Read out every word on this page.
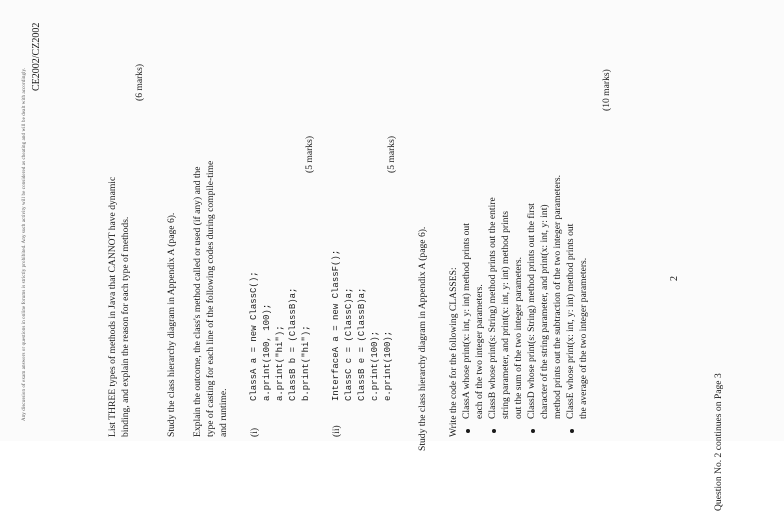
Any discussion of exam answers or questions in online forums is strictly prohibited. Any such activity will be considered as cheating and will be dealt with accordingly.
CE2002/CZ2002
List THREE types of methods in Java that CANNOT have dynamic binding, and explain the reason for each type of methods.
(6 marks)
Study the class hierarchy diagram in Appendix A (page 6). Explain the outcome, the class's method called or used (if any) and the type of casting for each line of the following codes during compile-time and runtime. (i)
ClassA a = new ClassC(); a.print(100, 100); a.print("hi"); ClassB b = (ClassB)a; b.print("hi");
(5 marks)
(ii)
InterfaceA a = new ClassF(); ClassC c = (ClassC)a; ClassB e = (ClassB)a; c.print(100); e.print(100);
(5 marks)
Study the class hierarchy diagram in Appendix A (page 6). Write the code for the following CLASSES: ClassA whose print(x: int, y: int) method prints out each of the two integer parameters. ClassB whose print(s: String) method prints out the entire string parameter, and print(x: int, y: int) method prints out the sum of the two integer parameters. ClassD whose print(s: String) method prints out the first character of the string parameter, and print(x: int, y: int) method prints out the subtraction of the two integer parameters. ClassE whose print(x: int, y: int) method prints out the average of the two integer parameters.
(10 marks)
2
Question No. 2 continues on Page 3
